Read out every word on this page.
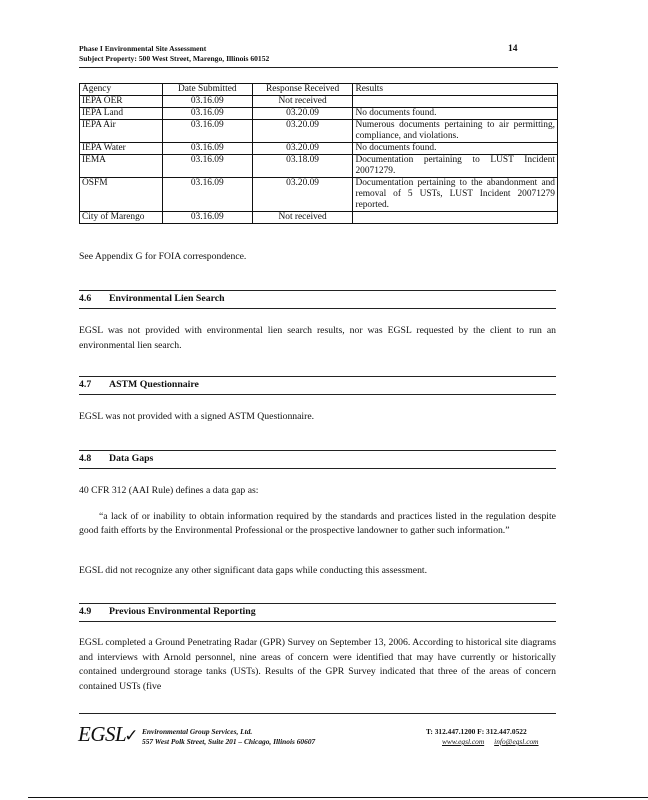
Phase I Environmental Site Assessment
Subject Property: 500 West Street, Marengo, Illinois 60152
14
Agency	Date Submitted	Response Received	Results
IEPA OER	03.16.09	Not received	
IEPA Land	03.16.09	03.20.09	No documents found.
IEPA Air	03.16.09	03.20.09	Numerous documents pertaining to air permitting, compliance, and violations.
IEPA Water	03.16.09	03.20.09	No documents found.
IEMA	03.16.09	03.18.09	Documentation pertaining to LUST Incident 20071279.
OSFM	03.16.09	03.20.09	Documentation pertaining to the abandonment and removal of 5 USTs, LUST Incident 20071279 reported.
City of Marengo	03.16.09	Not received	
See Appendix G for FOIA correspondence.
4.6 Environmental Lien Search
EGSL was not provided with environmental lien search results, nor was EGSL requested by the client to run an environmental lien search.
4.7 ASTM Questionnaire
EGSL was not provided with a signed ASTM Questionnaire.
4.8 Data Gaps
40 CFR 312 (AAI Rule) defines a data gap as:
“a lack of or inability to obtain information required by the standards and practices listed in the regulation despite good faith efforts by the Environmental Professional or the prospective landowner to gather such information.”
EGSL did not recognize any other significant data gaps while conducting this assessment.
4.9 Previous Environmental Reporting
EGSL completed a Ground Penetrating Radar (GPR) Survey on September 13, 2006. According to historical site diagrams and interviews with Arnold personnel, nine areas of concern were identified that may have currently or historically contained underground storage tanks (USTs). Results of the GPR Survey indicated that three of the areas of concern contained USTs (five
EGSL✓ Environmental Group Services, Ltd.
557 West Polk Street, Suite 201 – Chicago, Illinois 60607
T: 312.447.1200 F: 312.447.0522
www.egsl.com info@egsl.com
